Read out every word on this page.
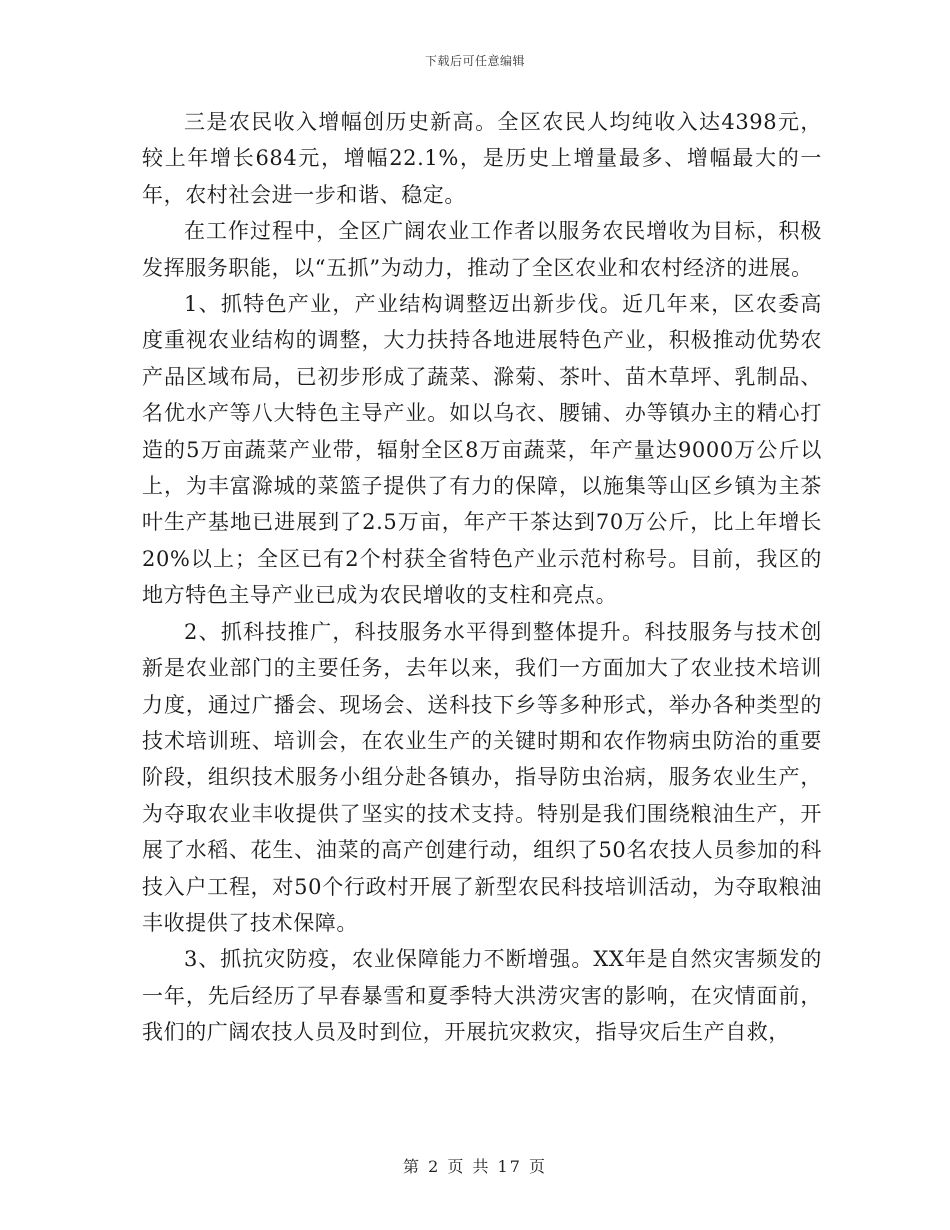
下载后可任意编辑

三是农民收入增幅创历史新高。全区农民人均纯收入达4398元，较上年增长684元，增幅22.1%，是历史上增量最多、增幅最大的一年，农村社会进一步和谐、稳定。

在工作过程中，全区广阔农业工作者以服务农民增收为目标，积极发挥服务职能，以“五抓”为动力，推动了全区农业和农村经济的进展。

1、抓特色产业，产业结构调整迈出新步伐。近几年来，区农委高度重视农业结构的调整，大力扶持各地进展特色产业，积极推动优势农产品区域布局，已初步形成了蔬菜、滁菊、茶叶、苗木草坪、乳制品、名优水产等八大特色主导产业。如以乌衣、腰铺、办等镇办主的精心打造的5万亩蔬菜产业带，辐射全区8万亩蔬菜，年产量达9000万公斤以上，为丰富滁城的菜篮子提供了有力的保障，以施集等山区乡镇为主茶叶生产基地已进展到了2.5万亩，年产干茶达到70万公斤，比上年增长20%以上；全区已有2个村获全省特色产业示范村称号。目前，我区的地方特色主导产业已成为农民增收的支柱和亮点。

2、抓科技推广，科技服务水平得到整体提升。科技服务与技术创新是农业部门的主要任务，去年以来，我们一方面加大了农业技术培训力度，通过广播会、现场会、送科技下乡等多种形式，举办各种类型的技术培训班、培训会，在农业生产的关键时期和农作物病虫防治的重要阶段，组织技术服务小组分赴各镇办，指导防虫治病，服务农业生产，为夺取农业丰收提供了坚实的技术支持。特别是我们围绕粮油生产，开展了水稻、花生、油菜的高产创建行动，组织了50名农技人员参加的科技入户工程，对50个行政村开展了新型农民科技培训活动，为夺取粮油丰收提供了技术保障。

3、抓抗灾防疫，农业保障能力不断增强。XX年是自然灾害频发的一年，先后经历了早春暴雪和夏季特大洪涝灾害的影响，在灾情面前，我们的广阔农技人员及时到位，开展抗灾救灾，指导灾后生产自救，

第 2 页 共 17 页
